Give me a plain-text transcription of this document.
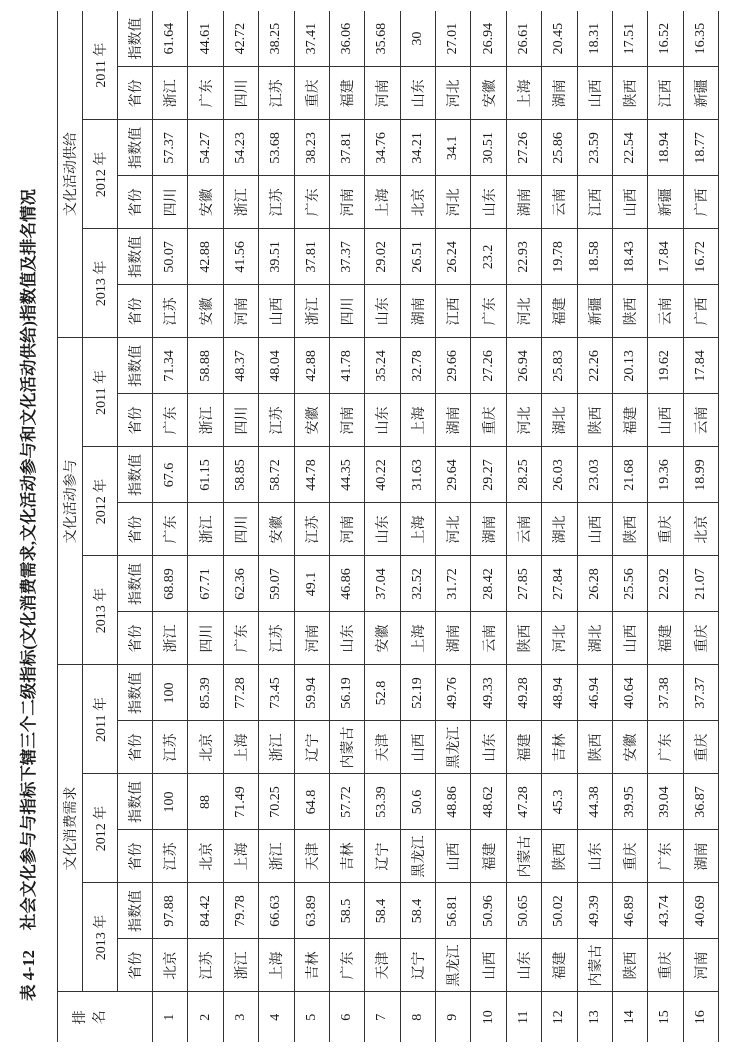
表 4-12社会文化参与与指标下辖三个二级指标(文化消费需求,文化活动参与和文化活动供给)指数值及排名情况
排名	文化消费需求						文化活动参与						文化活动供给					
	2013 年		2012 年		2011 年		2013 年		2012 年		2011 年		2013 年		2012 年		2011 年	
	省份	指数值	省份	指数值	省份	指数值	省份	指数值	省份	指数值	省份	指数值	省份	指数值	省份	指数值	省份	指数值
1	北京	97.88	江苏	100	江苏	100	浙江	68.89	广东	67.6	广东	71.34	江苏	50.07	四川	57.37	浙江	61.64
2	江苏	84.42	北京	88	北京	85.39	四川	67.71	浙江	61.15	浙江	58.88	安徽	42.88	安徽	54.27	广东	44.61
3	浙江	79.78	上海	71.49	上海	77.28	广东	62.36	四川	58.85	四川	48.37	河南	41.56	浙江	54.23	四川	42.72
4	上海	66.63	浙江	70.25	浙江	73.45	江苏	59.07	安徽	58.72	江苏	48.04	山西	39.51	江苏	53.68	江苏	38.25
5	吉林	63.89	天津	64.8	辽宁	59.94	河南	49.1	江苏	44.78	安徽	42.88	浙江	37.81	广东	38.23	重庆	37.41
6	广东	58.5	吉林	57.72	内蒙古	56.19	山东	46.86	河南	44.35	河南	41.78	四川	37.37	河南	37.81	福建	36.06
7	天津	58.4	辽宁	53.39	天津	52.8	安徽	37.04	山东	40.22	山东	35.24	山东	29.02	上海	34.76	河南	35.68
8	辽宁	58.4	黑龙江	50.6	山西	52.19	上海	32.52	上海	31.63	上海	32.78	湖南	26.51	北京	34.21	山东	30
9	黑龙江	56.81	山西	48.86	黑龙江	49.76	湖南	31.72	河北	29.64	湖南	29.66	江西	26.24	河北	34.1	河北	27.01
10	山西	50.96	福建	48.62	山东	49.33	云南	28.42	湖南	29.27	重庆	27.26	广东	23.2	山东	30.51	安徽	26.94
11	山东	50.65	内蒙古	47.28	福建	49.28	陕西	27.85	云南	28.25	河北	26.94	河北	22.93	湖南	27.26	上海	26.61
12	福建	50.02	陕西	45.3	吉林	48.94	河北	27.84	湖北	26.03	湖北	25.83	福建	19.78	云南	25.86	湖南	20.45
13	内蒙古	49.39	山东	44.38	陕西	46.94	湖北	26.28	山西	23.03	陕西	22.26	新疆	18.58	江西	23.59	山西	18.31
14	陕西	46.89	重庆	39.95	安徽	40.64	山西	25.56	陕西	21.68	福建	20.13	陕西	18.43	山西	22.54	陕西	17.51
15	重庆	43.74	广东	39.04	广东	37.38	福建	22.92	重庆	19.36	山西	19.62	云南	17.84	新疆	18.94	江西	16.52
16	河南	40.69	湖南	36.87	重庆	37.37	重庆	21.07	北京	18.99	云南	17.84	广西	16.72	广西	18.77	新疆	16.35
